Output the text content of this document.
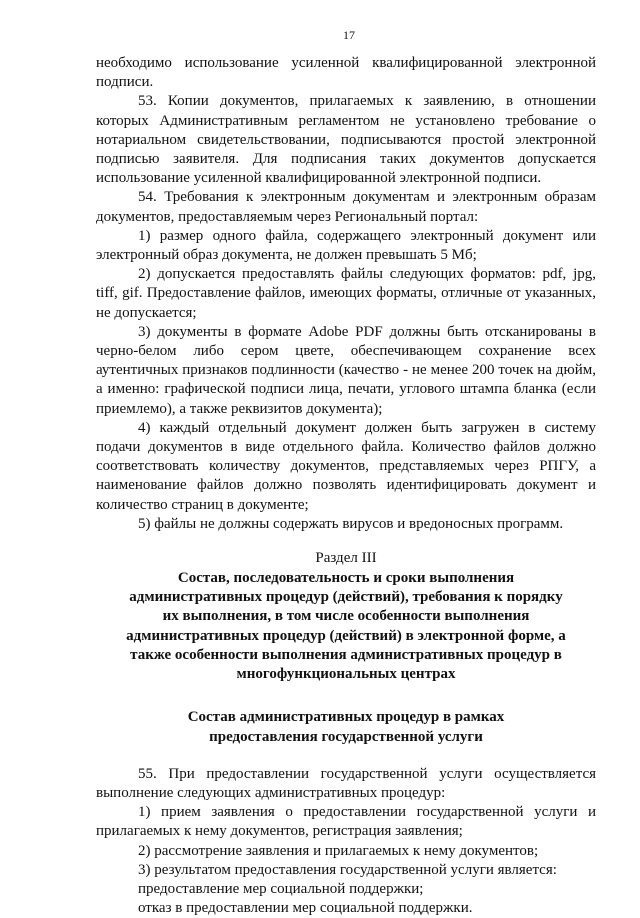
17

необходимо использование усиленной квалифицированной электронной подписи.

53. Копии документов, прилагаемых к заявлению, в отношении которых Административным регламентом не установлено требование о нотариальном свидетельствовании, подписываются простой электронной подписью заявителя. Для подписания таких документов допускается использование усиленной квалифицированной электронной подписи.

54. Требования к электронным документам и электронным образам документов, предоставляемым через Региональный портал:

1) размер одного файла, содержащего электронный документ или электронный образ документа, не должен превышать 5 Мб;

2) допускается предоставлять файлы следующих форматов: pdf, jpg, tiff, gif. Предоставление файлов, имеющих форматы, отличные от указанных, не допускается;

3) документы в формате Adobe PDF должны быть отсканированы в черно-белом либо сером цвете, обеспечивающем сохранение всех аутентичных признаков подлинности (качество - не менее 200 точек на дюйм, а именно: графической подписи лица, печати, углового штампа бланка (если приемлемо), а также реквизитов документа);

4) каждый отдельный документ должен быть загружен в систему подачи документов в виде отдельного файла. Количество файлов должно соответствовать количеству документов, представляемых через РПГУ, а наименование файлов должно позволять идентифицировать документ и количество страниц в документе;

5) файлы не должны содержать вирусов и вредоносных программ.

Раздел III
Состав, последовательность и сроки выполнения административных процедур (действий), требования к порядку их выполнения, в том числе особенности выполнения административных процедур (действий) в электронной форме, а также особенности выполнения административных процедур в многофункциональных центрах
Состав административных процедур в рамках предоставления государственной услуги

55. При предоставлении государственной услуги осуществляется выполнение следующих административных процедур:

1) прием заявления о предоставлении государственной услуги и прилагаемых к нему документов, регистрация заявления;

2) рассмотрение заявления и прилагаемых к нему документов;

3) результатом предоставления государственной услуги является:

предоставление мер социальной поддержки;

отказ в предоставлении мер социальной поддержки.
